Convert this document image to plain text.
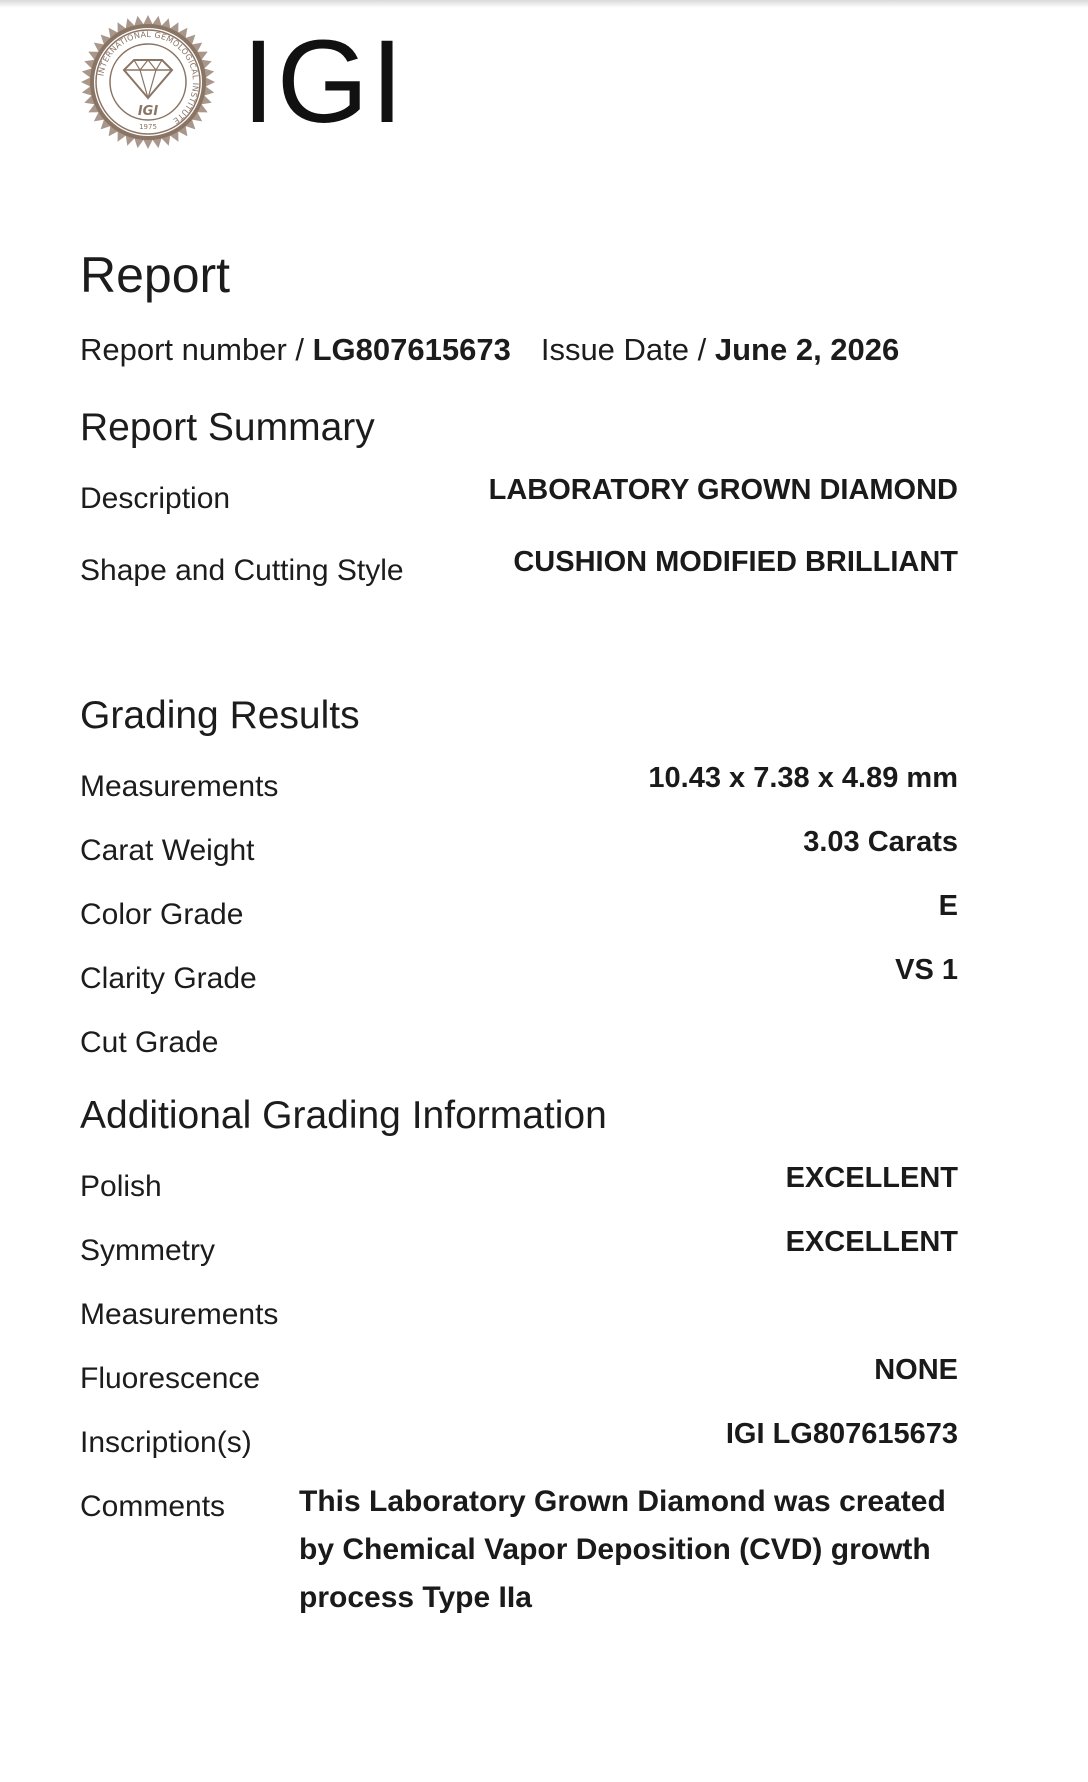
INTERNATIONAL GEMOLOGICAL INSTITUTE
IGI
1975 IGI
Report
Report number / LG807615673 Issue Date / June 2, 2026
Report Summary
Description	LABORATORY GROWN DIAMOND
Shape and Cutting Style	CUSHION MODIFIED BRILLIANT
Grading Results
Measurements	10.43 x 7.38 x 4.89 mm
Carat Weight	3.03 Carats
Color Grade	E
Clarity Grade	VS 1
Cut Grade
Additional Grading Information
Polish	EXCELLENT
Symmetry	EXCELLENT
Measurements
Fluorescence	NONE
Inscription(s)	IGI LG807615673
Comments This Laboratory Grown Diamond was created by Chemical Vapor Deposition (CVD) growth process Type IIa
